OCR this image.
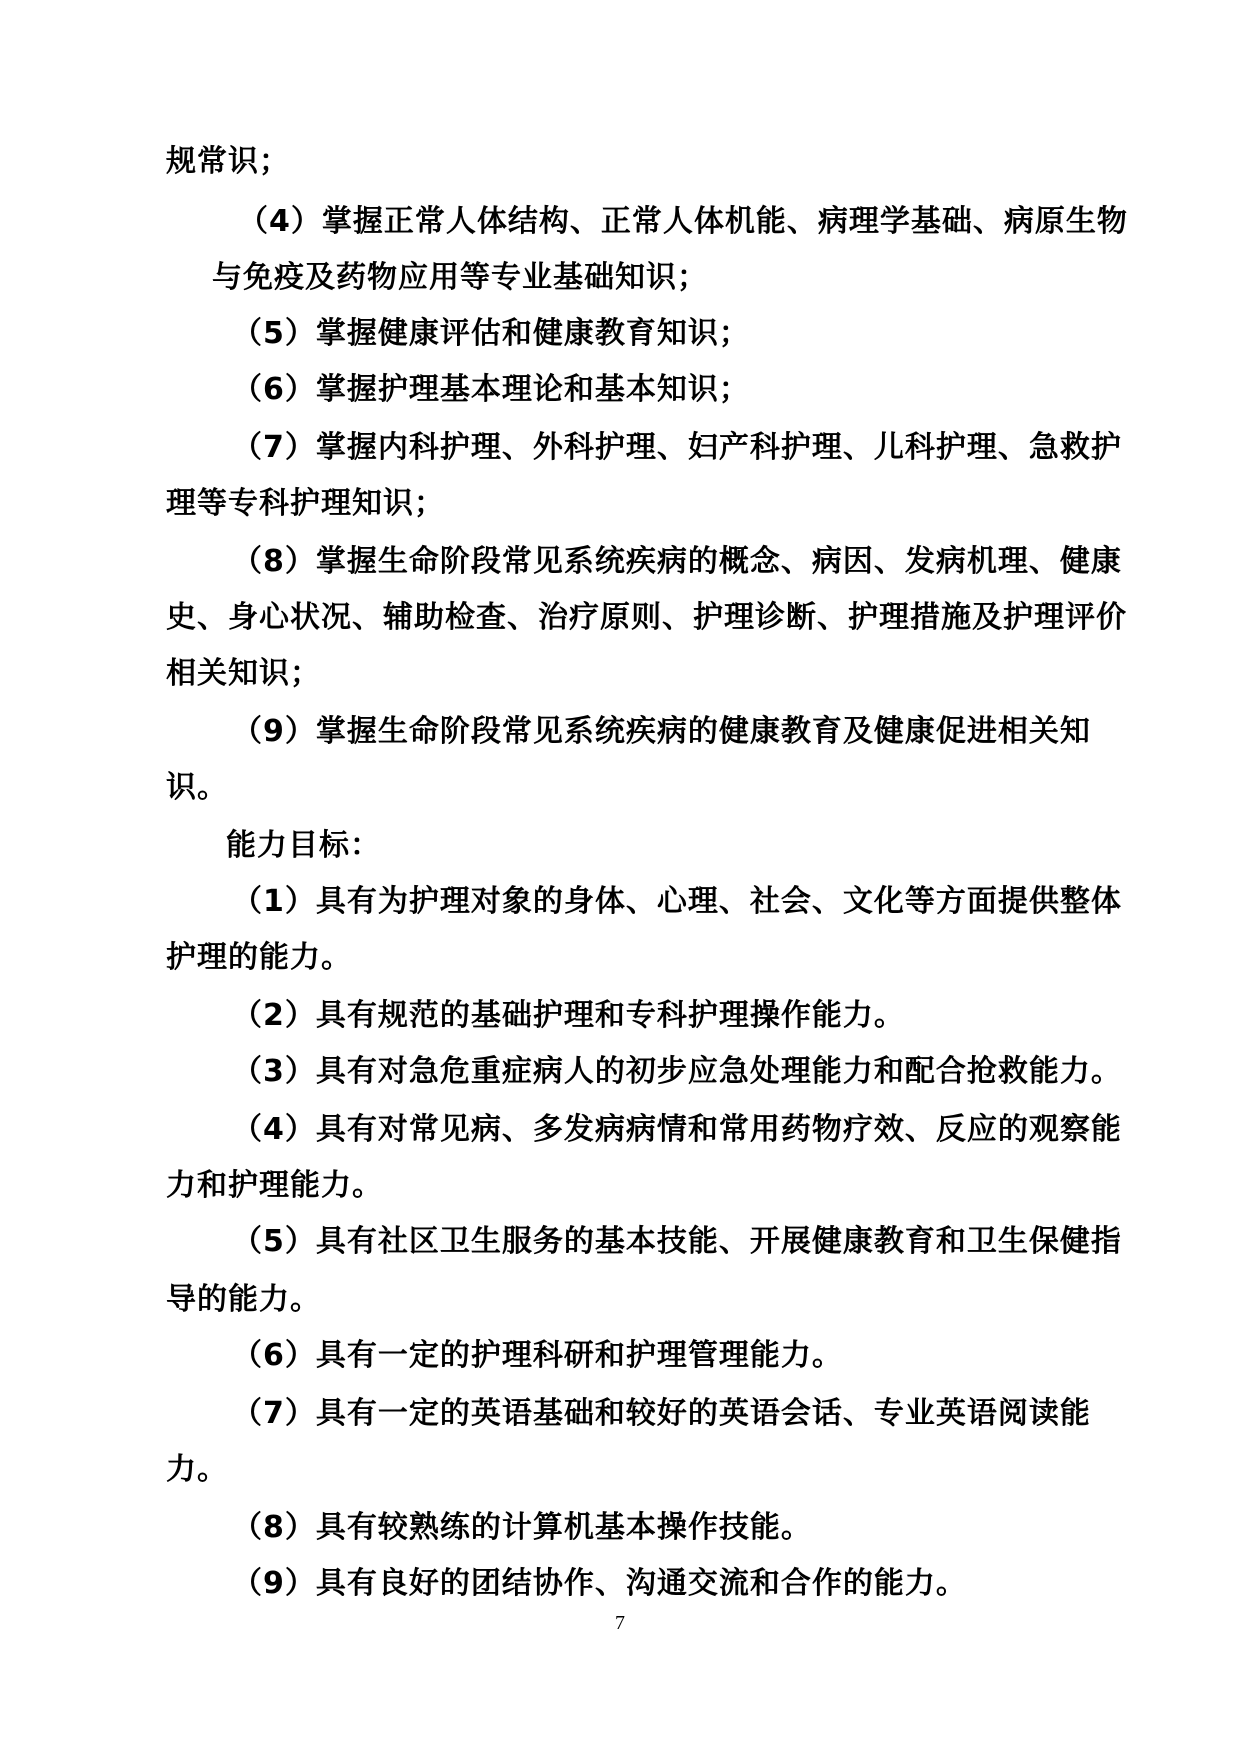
规常识；
（4）掌握正常人体结构、正常人体机能、病理学基础、病原生物
与免疫及药物应用等专业基础知识；
（5）掌握健康评估和健康教育知识；
（6）掌握护理基本理论和基本知识；
（7）掌握内科护理、外科护理、妇产科护理、儿科护理、急救护
理等专科护理知识；
（8）掌握生命阶段常见系统疾病的概念、病因、发病机理、健康
史、身心状况、辅助检查、治疗原则、护理诊断、护理措施及护理评价
相关知识；
（9）掌握生命阶段常见系统疾病的健康教育及健康促进相关知
识。
能力目标：
（1）具有为护理对象的身体、心理、社会、文化等方面提供整体
护理的能力。
（2）具有规范的基础护理和专科护理操作能力。
（3）具有对急危重症病人的初步应急处理能力和配合抢救能力。
（4）具有对常见病、多发病病情和常用药物疗效、反应的观察能
力和护理能力。
（5）具有社区卫生服务的基本技能、开展健康教育和卫生保健指
导的能力。
（6）具有一定的护理科研和护理管理能力。
（7）具有一定的英语基础和较好的英语会话、专业英语阅读能
力。
（8）具有较熟练的计算机基本操作技能。
（9）具有良好的团结协作、沟通交流和合作的能力。
7
